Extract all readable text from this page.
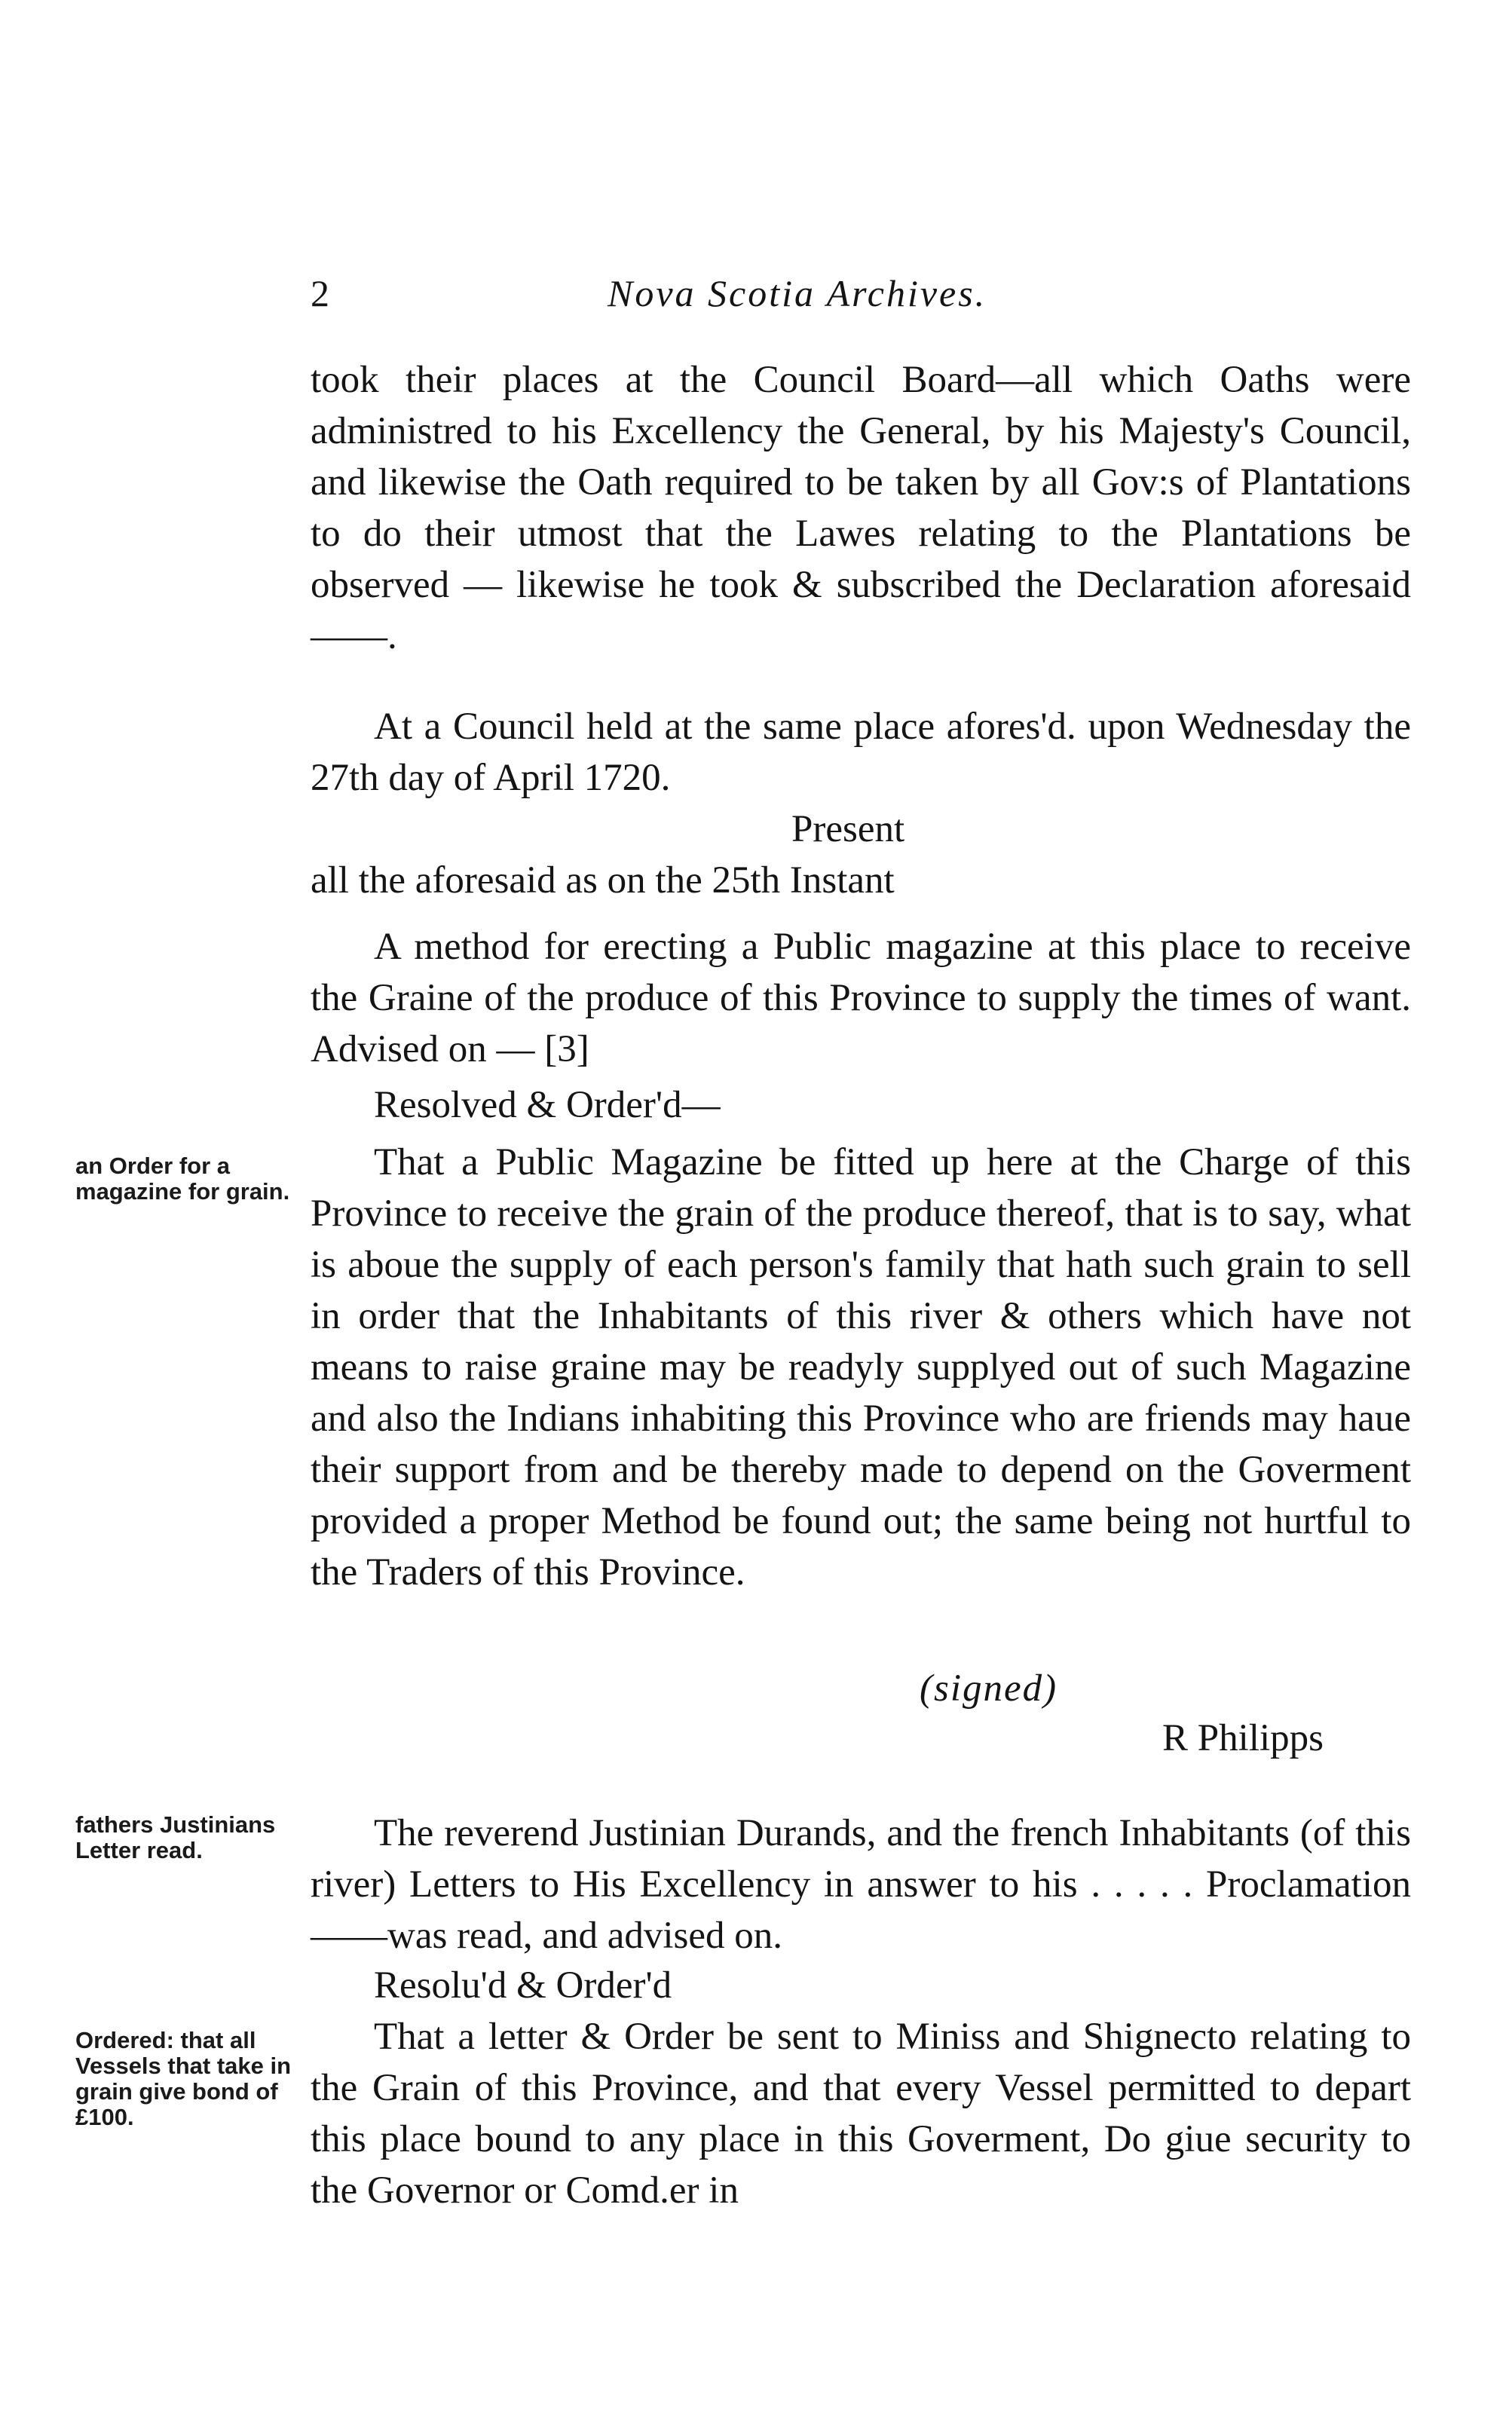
2	Nova Scotia Archives.
took their places at the Council Board—all which Oaths were administred to his Excellency the General, by his Majesty's Council, and likewise the Oath required to be taken by all Gov:s of Plantations to do their utmost that the Lawes relating to the Plantations be observed — likewise he took & subscribed the Declaration aforesaid——.
At a Council held at the same place afores'd. upon Wednesday the 27th day of April 1720.
Present
all the aforesaid as on the 25th Instant
A method for erecting a Public magazine at this place to receive the Graine of the produce of this Province to supply the times of want. Advised on — [3]
Resolved & Order'd—
That a Public Magazine be fitted up here at the Charge of this Province to receive the grain of the produce thereof, that is to say, what is aboue the supply of each person's family that hath such grain to sell in order that the Inhabitants of this river & others which have not means to raise graine may be readyly supplyed out of such Magazine and also the Indians inhabiting this Province who are friends may haue their support from and be thereby made to depend on the Goverment provided a proper Method be found out; the same being not hurtful to the Traders of this Province.
(signed)
R Philipps
The reverend Justinian Durands, and the french Inhabitants (of this river) Letters to His Excellency in answer to his . . . . . Proclamation——was read, and advised on.
Resolu'd & Order'd
That a letter & Order be sent to Miniss and Shignecto relating to the Grain of this Province, and that every Vessel permitted to depart this place bound to any place in this Goverment, Do giue security to the Governor or Comd.er in
an Order for a magazine for grain.
fathers Justinians Letter read.
Ordered: that all Vessels that take in grain give bond of £100.
